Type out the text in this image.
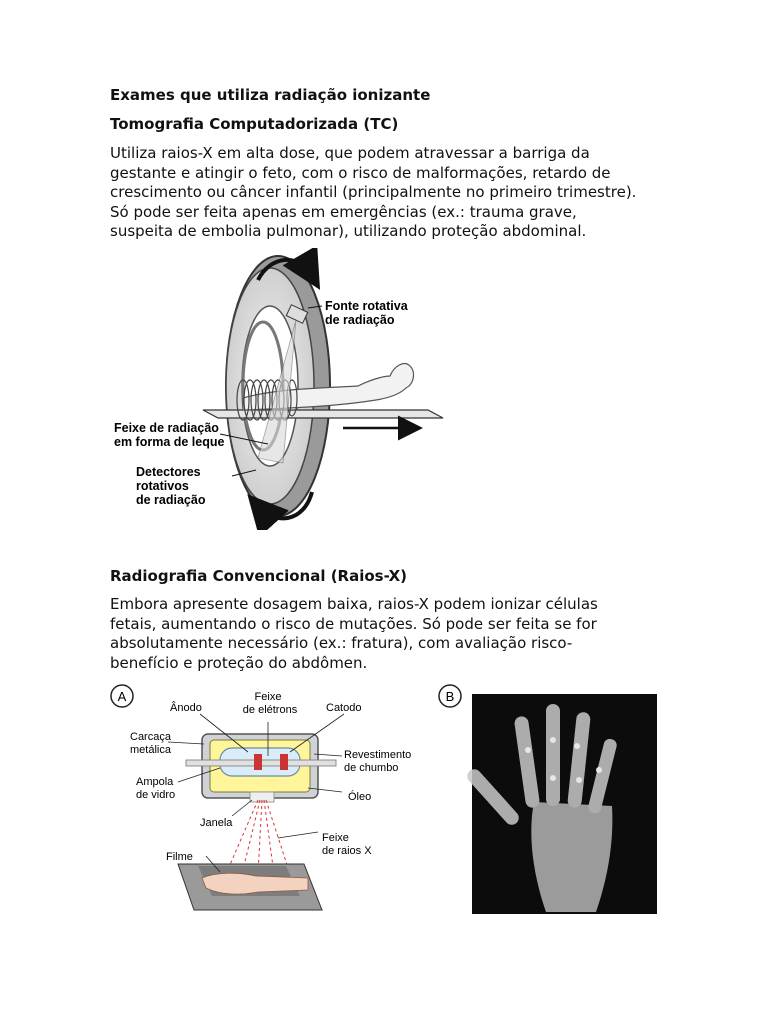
Exames que utiliza radiação ionizante
Tomografia Computadorizada (TC)
Utiliza raios-X em alta dose, que podem atravessar a barriga da
gestante e atingir o feto, com o risco de malformações, retardo de
crescimento ou câncer infantil (principalmente no primeiro trimestre).
Só pode ser feita apenas em emergências (ex.: trauma grave,
suspeita de embolia pulmonar), utilizando proteção abdominal.
Fonte rotativa
de radiação
Feixe de radiação
em forma de leque
Detectores
rotativos
de radiação
Radiografia Convencional (Raios-X)
Embora apresente dosagem baixa, raios-X podem ionizar células
fetais, aumentando o risco de mutações. Só pode ser feita se for
absolutamente necessário (ex.: fratura), com avaliação risco-
benefício e proteção do abdômen.
A
Ânodo
Feixe
de elétrons	Catodo
Carcaça
metálica	Revestimento
de chumbo
Ampola
de vidro	Óleo
Janela
Feixe
de raios X
Filme
B
